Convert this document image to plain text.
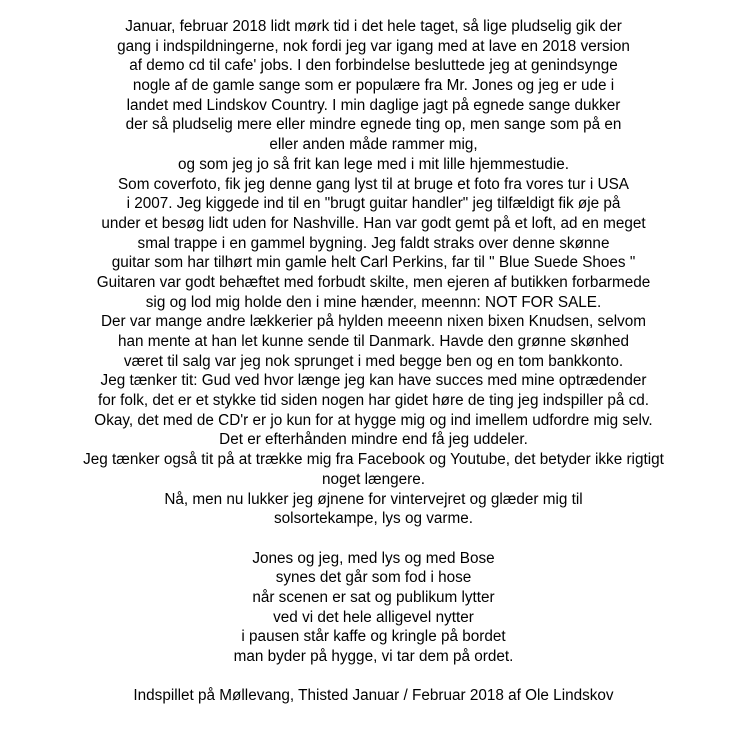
Januar, februar 2018 lidt mørk tid i det hele taget, så lige pludselig gik der
gang i indspildningerne, nok fordi jeg var igang med at lave en 2018 version
af demo cd til cafe' jobs. I den forbindelse besluttede jeg at genindsynge
nogle af de gamle sange som er populære fra Mr. Jones og jeg er ude i
landet med Lindskov Country. I min daglige jagt på egnede sange dukker
der så pludselig mere eller mindre egnede ting op, men sange som på en
eller anden måde rammer mig,
og som jeg jo så frit kan lege med i mit lille hjemmestudie.
Som coverfoto, fik jeg denne gang lyst til at bruge et foto fra vores tur i USA
i 2007. Jeg kiggede ind til en "brugt guitar handler" jeg tilfældigt fik øje på
under et besøg lidt uden for Nashville. Han var godt gemt på et loft, ad en meget
smal trappe i en gammel bygning. Jeg faldt straks over denne skønne
guitar som har tilhørt min gamle helt Carl Perkins, far til " Blue Suede Shoes "
Guitaren var godt behæftet med forbudt skilte, men ejeren af butikken forbarmede
sig og lod mig holde den i mine hænder, meennn: NOT FOR SALE.
Der var mange andre lækkerier på hylden meeenn nixen bixen Knudsen, selvom
han mente at han let kunne sende til Danmark. Havde den grønne skønhed
været til salg var jeg nok sprunget i med begge ben og en tom bankkonto.
Jeg tænker tit: Gud ved hvor længe jeg kan have succes med mine optrædender
for folk, det er et stykke tid siden nogen har gidet høre de ting jeg indspiller på cd.
Okay, det med de CD'r er jo kun for at hygge mig og ind imellem udfordre mig selv.
Det er efterhånden mindre end få jeg uddeler.
Jeg tænker også tit på at trække mig fra Facebook og Youtube, det betyder ikke rigtigt
noget længere.
Nå, men nu lukker jeg øjnene for vintervejret og glæder mig til
solsortekampe, lys og varme.
Jones og jeg, med lys og med Bose
synes det går som fod i hose
når scenen er sat og publikum lytter
ved vi det hele alligevel nytter
i pausen står kaffe og kringle på bordet
man byder på hygge, vi tar dem på ordet.
Indspillet på Møllevang, Thisted Januar / Februar 2018 af Ole Lindskov
